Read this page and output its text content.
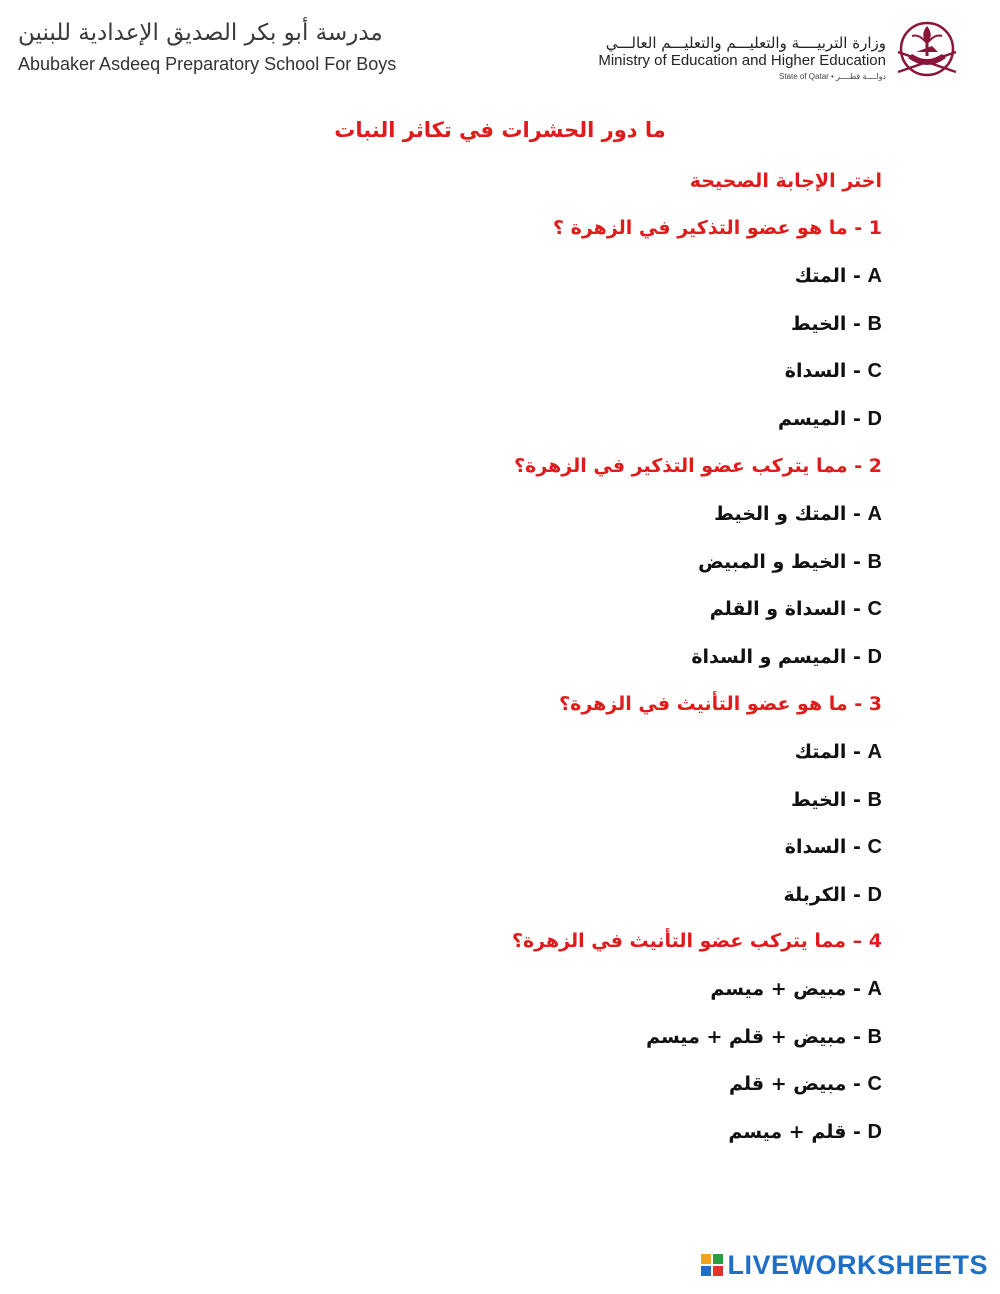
مدرسة أبو بكر الصديق الإعدادية للبنين
Abubaker Asdeeq Preparatory School For Boys
وزارة التربيــــة والتعليـــم والتعليـــم العالـــي
Ministry of Education and Higher Education
State of Qatar • دولــــة قطــــر
ما دور الحشرات في تكاثر النبات
اختر الإجابة الصحيحة
1 - ما هو عضو التذكير في الزهرة ؟
A - المتك
B - الخيط
C - السداة
D - الميسم
2 - مما يتركب عضو التذكير في الزهرة؟
A - المتك و الخيط
B - الخيط و المبيض
C - السداة و القلم
D - الميسم و السداة
3 - ما هو عضو التأنيث في الزهرة؟
A - المتك
B - الخيط
C - السداة
D - الكربلة
4 – مما يتركب عضو التأنيث في الزهرة؟
A - مبيض + ميسم
B - مبيض + قلم + ميسم
C - مبيض + قلم
D - قلم + ميسم
LIVEWORKSHEETS
